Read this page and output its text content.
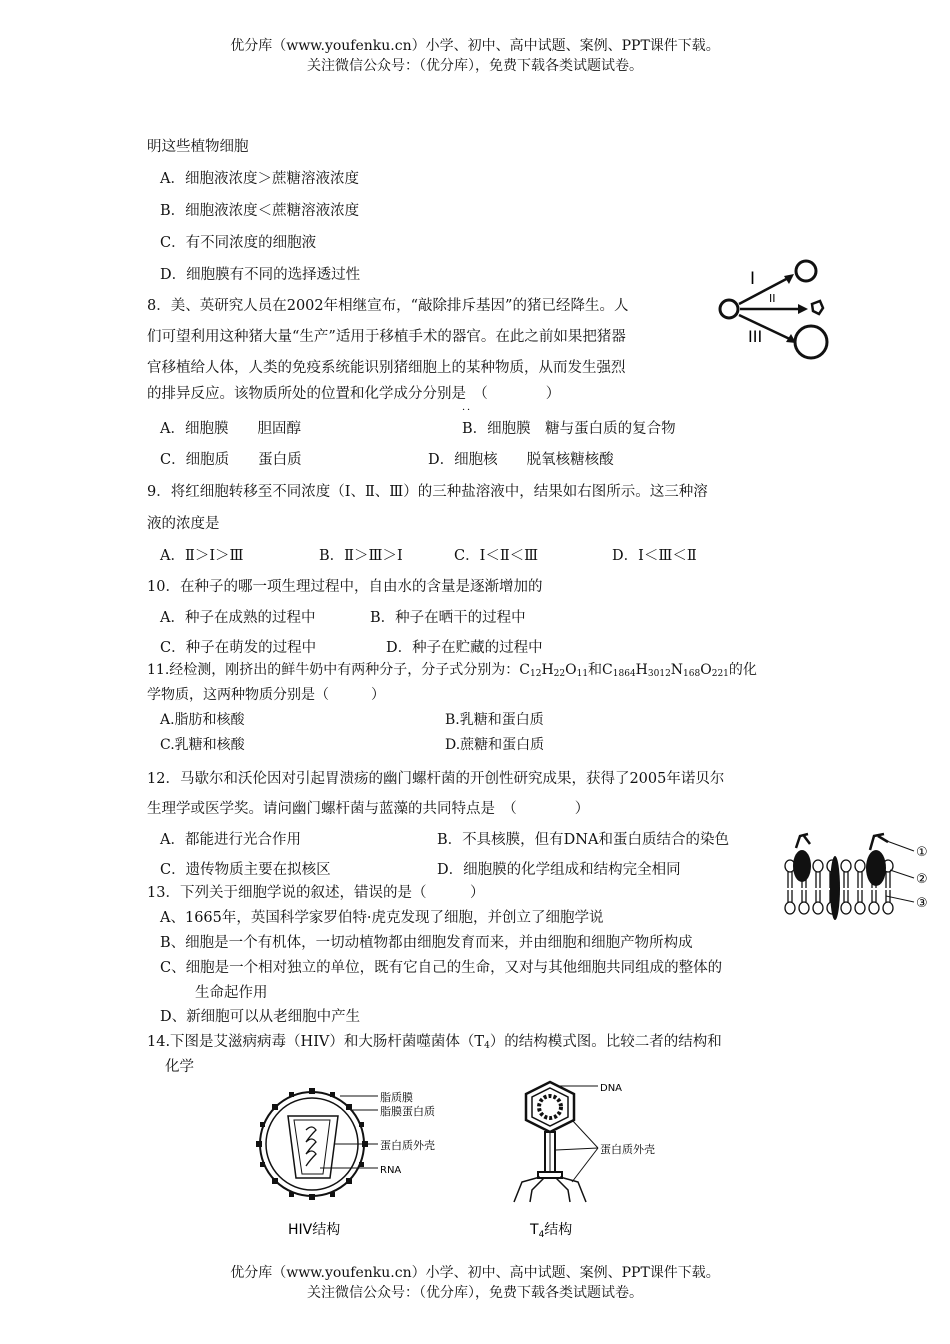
优分库（www.youfenku.cn）小学、初中、高中试题、案例、PPT课件下载。
关注微信公众号：（优分库），免费下载各类试题试卷。
明这些植物细胞
A．细胞液浓度＞蔗糖溶液浓度
B．细胞液浓度＜蔗糖溶液浓度
C．有不同浓度的细胞液
D．细胞膜有不同的选择透过性
8．美、英研究人员在2002年相继宣布，“敲除排斥基因”的猪已经降生。人
们可望利用这种猪大量“生产”适用于移植手术的器官。在此之前如果把猪器
官移植给人体，人类的免疫系统能识别猪细胞上的某种物质，从而发生强烈
的排异反应。该物质所处的位置和化学成分分别是　（　　　　）
．．
A．细胞膜　　胆固醇	B．细胞膜　糖与蛋白质的复合物
C．细胞质　　蛋白质	D．细胞核　　脱氧核糖核酸
I
II
III
9．将红细胞转移至不同浓度（Ⅰ、Ⅱ、Ⅲ）的三种盐溶液中，结果如右图所示。这三种溶
液的浓度是
A．Ⅱ＞Ⅰ＞Ⅲ	B．Ⅱ＞Ⅲ＞Ⅰ	C．Ⅰ＜Ⅱ＜Ⅲ	D．Ⅰ＜Ⅲ＜Ⅱ
10．在种子的哪一项生理过程中，自由水的含量是逐渐增加的
A．种子在成熟的过程中	B．种子在晒干的过程中
C．种子在萌发的过程中	D．种子在贮藏的过程中
11.经检测，刚挤出的鲜牛奶中有两种分子，分子式分别为：$C_{12}H_{22}O_{11}$和$C_{1864}H_{3012}N_{168}O_{221}$的化
学物质，这两种物质分别是（　　　）
A.脂肪和核酸	B.乳糖和蛋白质
C.乳糖和核酸	D.蔗糖和蛋白质
12．马歇尔和沃伦因对引起胃溃疡的幽门螺杆菌的开创性研究成果，获得了2005年诺贝尔
生理学或医学奖。请问幽门螺杆菌与蓝藻的共同特点是　（　　　　）
A．都能进行光合作用	B．不具核膜，但有DNA和蛋白质结合的染色
C．遗传物质主要在拟核区	D．细胞膜的化学组成和结构完全相同
①
②
③
13．下列关于细胞学说的叙述，错误的是（　　　）
A、1665年，英国科学家罗伯特·虎克发现了细胞，并创立了细胞学说
B、细胞是一个有机体，一切动植物都由细胞发育而来，并由细胞和细胞产物所构成
C、细胞是一个相对独立的单位，既有它自己的生命，又对与其他细胞共同组成的整体的
生命起作用
D、新细胞可以从老细胞中产生
14.下图是艾滋病病毒（HIV）和大肠杆菌噬菌体$(T_4)$的结构模式图。比较二者的结构和
化学
脂质膜
脂膜蛋白质
蛋白质外壳
RNA
HIV结构
DNA
蛋白质外壳
$T_4$结构
优分库（www.youfenku.cn）小学、初中、高中试题、案例、PPT课件下载。
关注微信公众号：（优分库），免费下载各类试题试卷。
